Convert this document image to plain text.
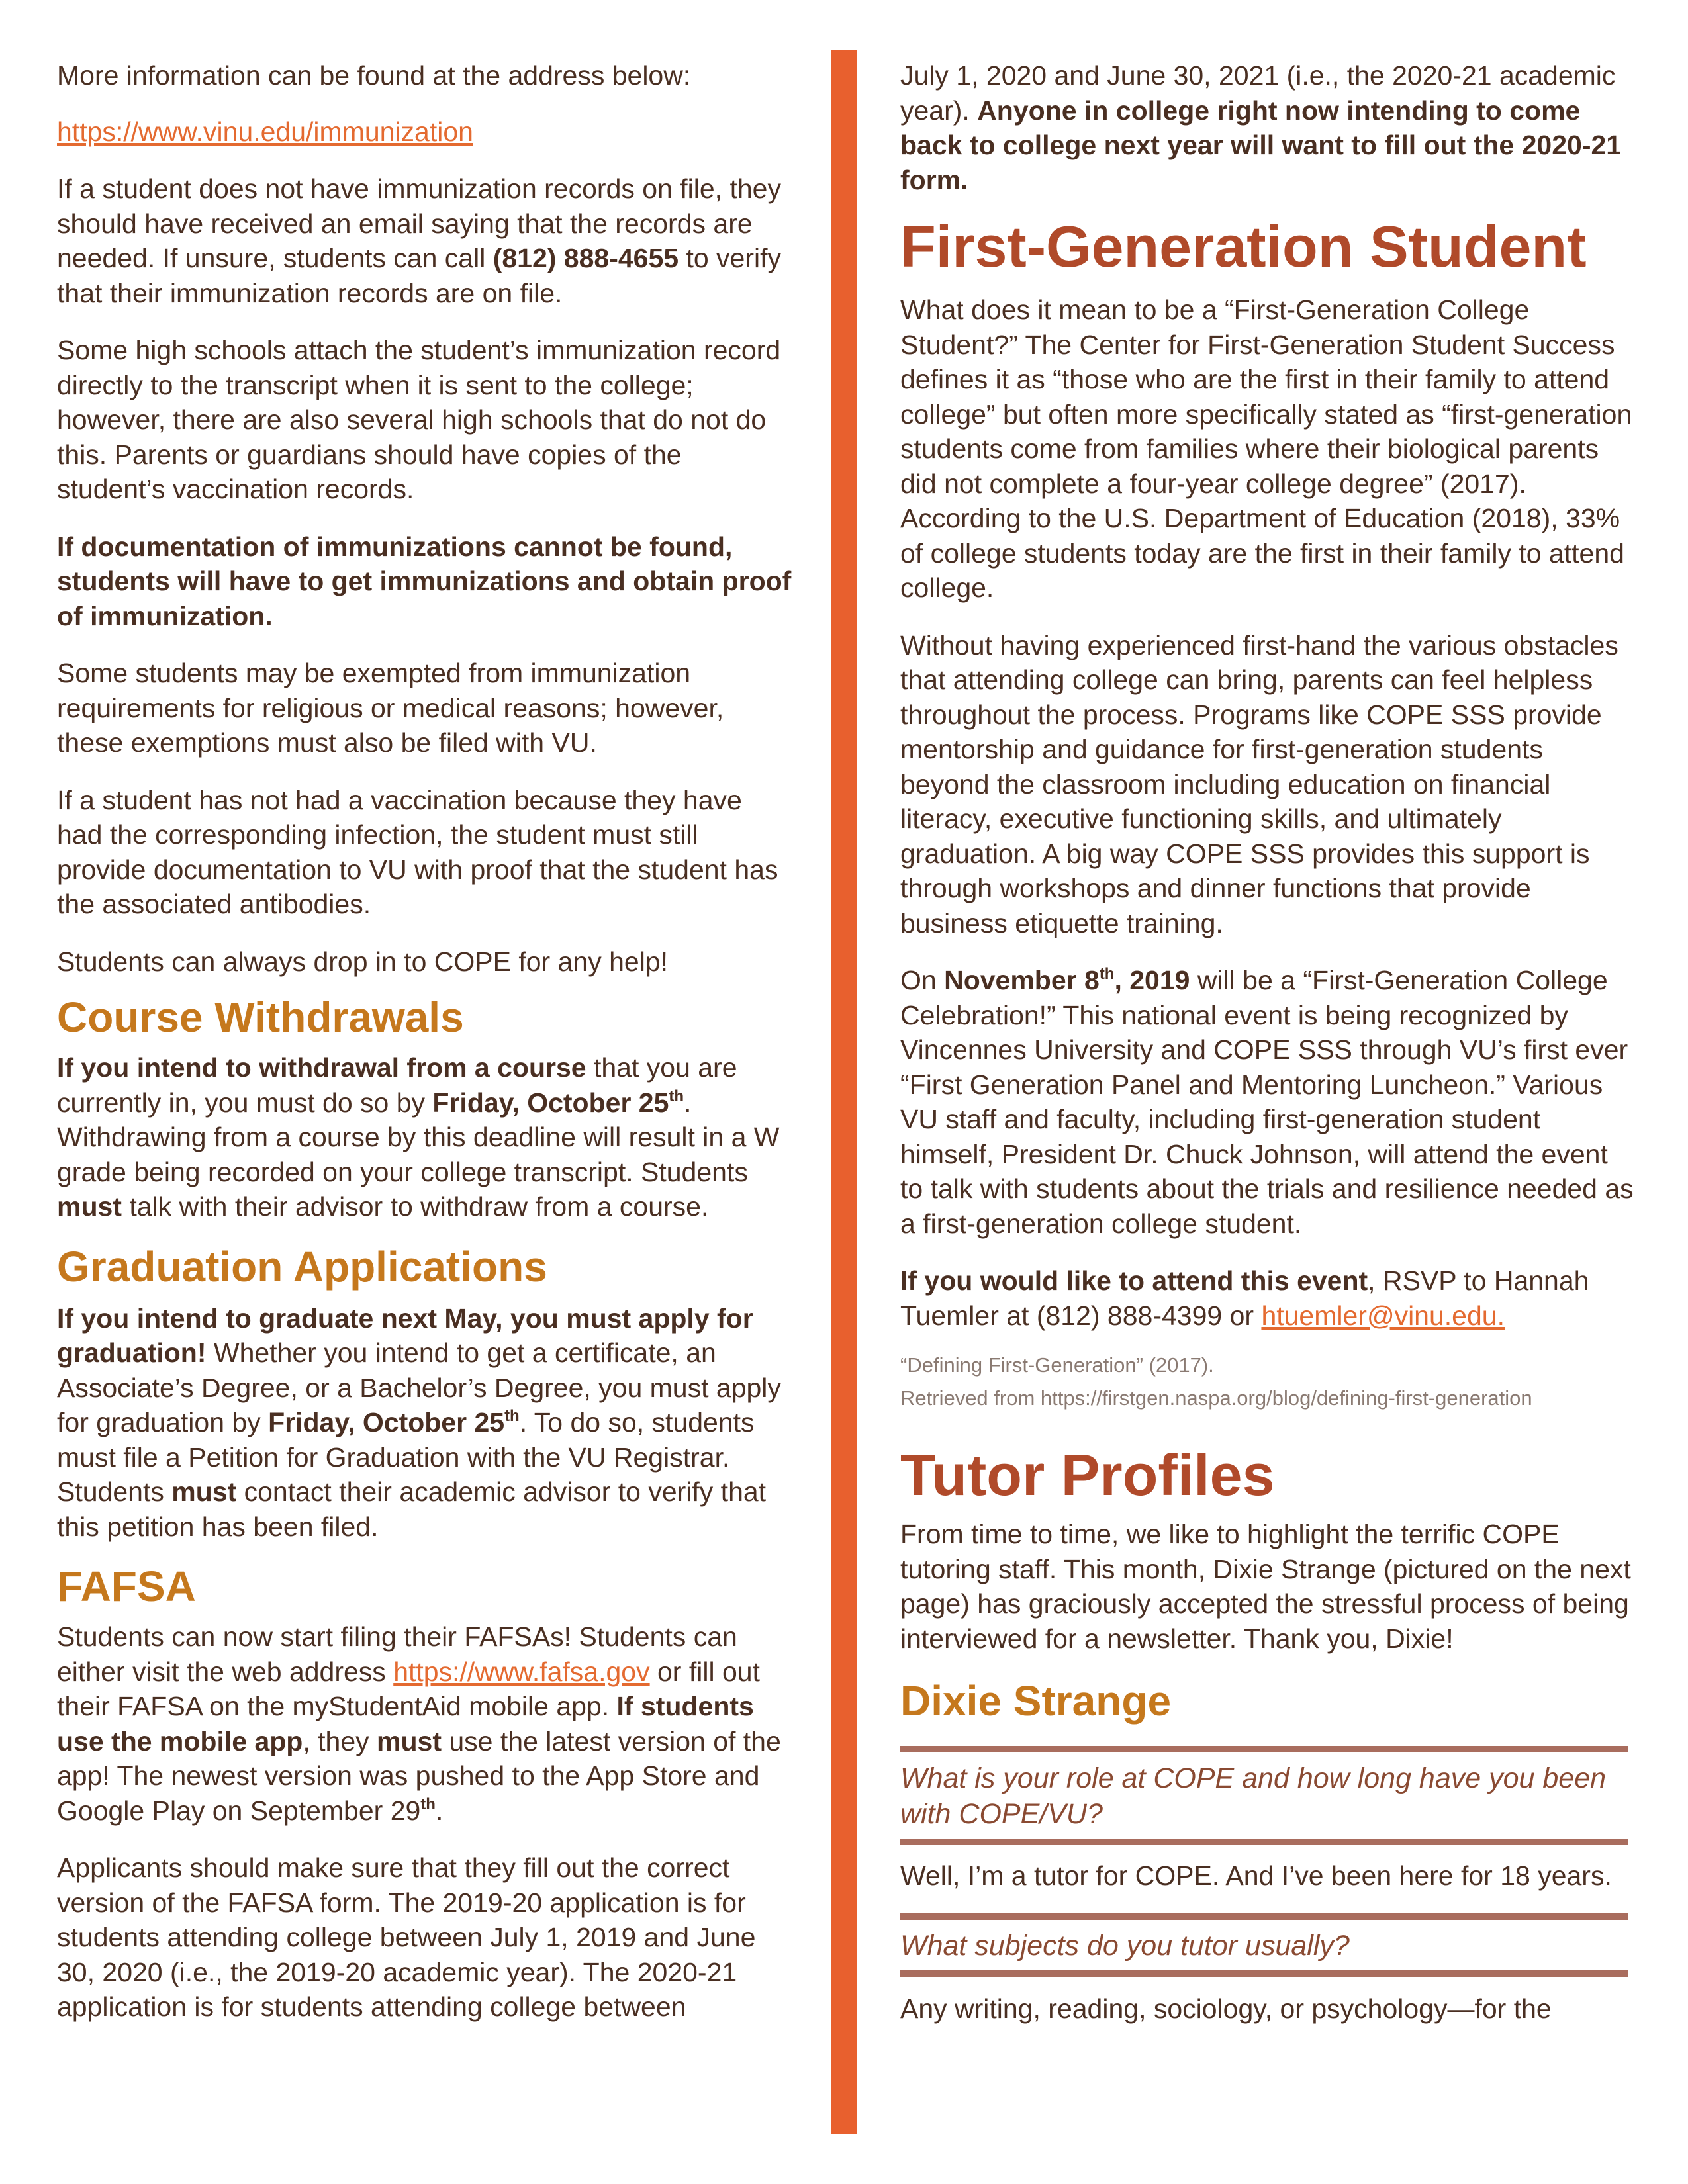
More information can be found at the address below:

https://www.vinu.edu/immunization

If a student does not have immunization records on file, they should have received an email saying that the records are needed. If unsure, students can call (812) 888-4655 to verify that their immunization records are on file.

Some high schools attach the student’s immunization record directly to the transcript when it is sent to the college; however, there are also several high schools that do not do this. Parents or guardians should have copies of the student’s vaccination records.

If documentation of immunizations cannot be found, students will have to get immunizations and obtain proof of immunization.

Some students may be exempted from immunization requirements for religious or medical reasons; however, these exemptions must also be filed with VU.

If a student has not had a vaccination because they have had the corresponding infection, the student must still provide documentation to VU with proof that the student has the associated antibodies.

Students can always drop in to COPE for any help!

Course Withdrawals

If you intend to withdrawal from a course that you are currently in, you must do so by Friday, October 25th. Withdrawing from a course by this deadline will result in a W grade being recorded on your college transcript. Students must talk with their advisor to withdraw from a course.

Graduation Applications

If you intend to graduate next May, you must apply for graduation! Whether you intend to get a certificate, an Associate’s Degree, or a Bachelor’s Degree, you must apply for graduation by Friday, October 25th. To do so, students must file a Petition for Graduation with the VU Registrar. Students must contact their academic advisor to verify that this petition has been filed.

FAFSA

Students can now start filing their FAFSAs! Students can either visit the web address https://www.fafsa.gov or fill out their FAFSA on the myStudentAid mobile app. If students use the mobile app, they must use the latest version of the app! The newest version was pushed to the App Store and Google Play on September 29th.

Applicants should make sure that they fill out the correct version of the FAFSA form. The 2019-20 application is for students attending college between July 1, 2019 and June 30, 2020 (i.e., the 2019-20 academic year). The 2020-21 application is for students attending college between

July 1, 2020 and June 30, 2021 (i.e., the 2020-21 academic year). Anyone in college right now intending to come back to college next year will want to fill out the 2020-21 form.

First-Generation Student

What does it mean to be a “First-Generation College Student?” The Center for First-Generation Student Success defines it as “those who are the first in their family to attend college” but often more specifically stated as “first-generation students come from families where their biological parents did not complete a four-year college degree” (2017). According to the U.S. Department of Education (2018), 33% of college students today are the first in their family to attend college.

Without having experienced first-hand the various obstacles that attending college can bring, parents can feel helpless throughout the process. Programs like COPE SSS provide mentorship and guidance for first-generation students beyond the classroom including education on financial literacy, executive functioning skills, and ultimately graduation. A big way COPE SSS provides this support is through workshops and dinner functions that provide business etiquette training.

On November 8th, 2019 will be a “First-Generation College Celebration!” This national event is being recognized by Vincennes University and COPE SSS through VU’s first ever “First Generation Panel and Mentoring Luncheon.” Various VU staff and faculty, including first-generation student himself, President Dr. Chuck Johnson, will attend the event to talk with students about the trials and resilience needed as a first-generation college student.

If you would like to attend this event, RSVP to Hannah Tuemler at (812) 888-4399 or htuemler@vinu.edu.

“Defining First-Generation” (2017).

Retrieved from https://firstgen.naspa.org/blog/defining-first-generation

Tutor Profiles

From time to time, we like to highlight the terrific COPE tutoring staff. This month, Dixie Strange (pictured on the next page) has graciously accepted the stressful process of being interviewed for a newsletter. Thank you, Dixie!

Dixie Strange

What is your role at COPE and how long have you been with COPE/VU?

Well, I’m a tutor for COPE. And I’ve been here for 18 years.

What subjects do you tutor usually?

Any writing, reading, sociology, or psychology—for the
